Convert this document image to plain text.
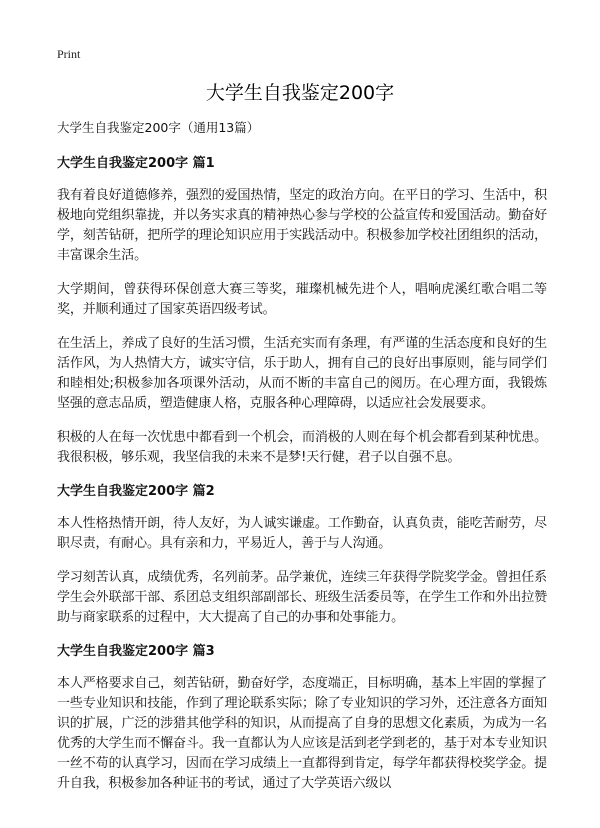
Print
大学生自我鉴定200字

大学生自我鉴定200字（通用13篇）

大学生自我鉴定200字 篇1

我有着良好道德修养，强烈的爱国热情，坚定的政治方向。在平日的学习、生活中，积极地向党组织靠拢，并以务实求真的精神热心参与学校的公益宣传和爱国活动。勤奋好学，刻苦钻研，把所学的理论知识应用于实践活动中。积极参加学校社团组织的活动，丰富课余生活。

大学期间，曾获得环保创意大赛三等奖，璀璨机械先进个人，唱响虎溪红歌合唱二等奖，并顺利通过了国家英语四级考试。

在生活上，养成了良好的生活习惯，生活充实而有条理，有严谨的生活态度和良好的生活作风，为人热情大方，诚实守信，乐于助人，拥有自己的良好出事原则，能与同学们和睦相处;积极参加各项课外活动，从而不断的丰富自己的阅历。在心理方面，我锻炼坚强的意志品质，塑造健康人格，克服各种心理障碍，以适应社会发展要求。

积极的人在每一次忧患中都看到一个机会，而消极的人则在每个机会都看到某种忧患。我很积极，够乐观，我坚信我的未来不是梦!天行健，君子以自强不息。

大学生自我鉴定200字 篇2

本人性格热情开朗，待人友好，为人诚实谦虚。工作勤奋，认真负责，能吃苦耐劳，尽职尽责，有耐心。具有亲和力，平易近人，善于与人沟通。

学习刻苦认真，成绩优秀，名列前茅。品学兼优，连续三年获得学院奖学金。曾担任系学生会外联部干部、系团总支组织部副部长、班级生活委员等，在学生工作和外出拉赞助与商家联系的过程中，大大提高了自己的办事和处事能力。

大学生自我鉴定200字 篇3

本人严格要求自己，刻苦钻研，勤奋好学，态度端正，目标明确，基本上牢固的掌握了一些专业知识和技能，作到了理论联系实际；除了专业知识的学习外，还注意各方面知识的扩展，广泛的涉猎其他学科的知识，从而提高了自身的思想文化素质，为成为一名优秀的大学生而不懈奋斗。我一直都认为人应该是活到老学到老的，基于对本专业知识一丝不苟的认真学习，因而在学习成绩上一直都得到肯定，每学年都获得校奖学金。提升自我，积极参加各种证书的考试，通过了大学英语六级以
